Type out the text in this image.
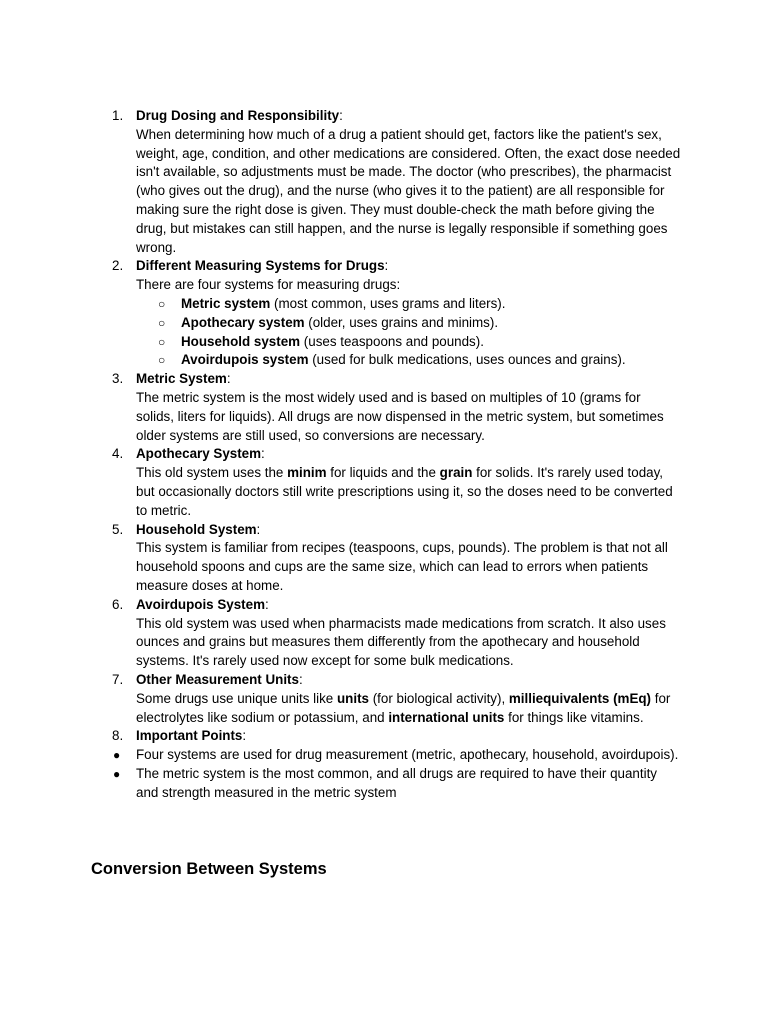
1. Drug Dosing and Responsibility:
When determining how much of a drug a patient should get, factors like the patient's sex, weight, age, condition, and other medications are considered. Often, the exact dose needed isn't available, so adjustments must be made. The doctor (who prescribes), the pharmacist (who gives out the drug), and the nurse (who gives it to the patient) are all responsible for making sure the right dose is given. They must double-check the math before giving the drug, but mistakes can still happen, and the nurse is legally responsible if something goes wrong.
2. Different Measuring Systems for Drugs:
There are four systems for measuring drugs:
○ Metric system (most common, uses grams and liters).
○ Apothecary system (older, uses grains and minims).
○ Household system (uses teaspoons and pounds).
○ Avoirdupois system (used for bulk medications, uses ounces and grains).
3. Metric System:
The metric system is the most widely used and is based on multiples of 10 (grams for solids, liters for liquids). All drugs are now dispensed in the metric system, but sometimes older systems are still used, so conversions are necessary.
4. Apothecary System:
This old system uses the minim for liquids and the grain for solids. It's rarely used today, but occasionally doctors still write prescriptions using it, so the doses need to be converted to metric.
5. Household System:
This system is familiar from recipes (teaspoons, cups, pounds). The problem is that not all household spoons and cups are the same size, which can lead to errors when patients measure doses at home.
6. Avoirdupois System:
This old system was used when pharmacists made medications from scratch. It also uses ounces and grains but measures them differently from the apothecary and household systems. It's rarely used now except for some bulk medications.
7. Other Measurement Units:
Some drugs use unique units like units (for biological activity), milliequivalents (mEq) for electrolytes like sodium or potassium, and international units for things like vitamins.
8. Important Points:
● Four systems are used for drug measurement (metric, apothecary, household, avoirdupois).
● The metric system is the most common, and all drugs are required to have their quantity and strength measured in the metric system
Conversion Between Systems
